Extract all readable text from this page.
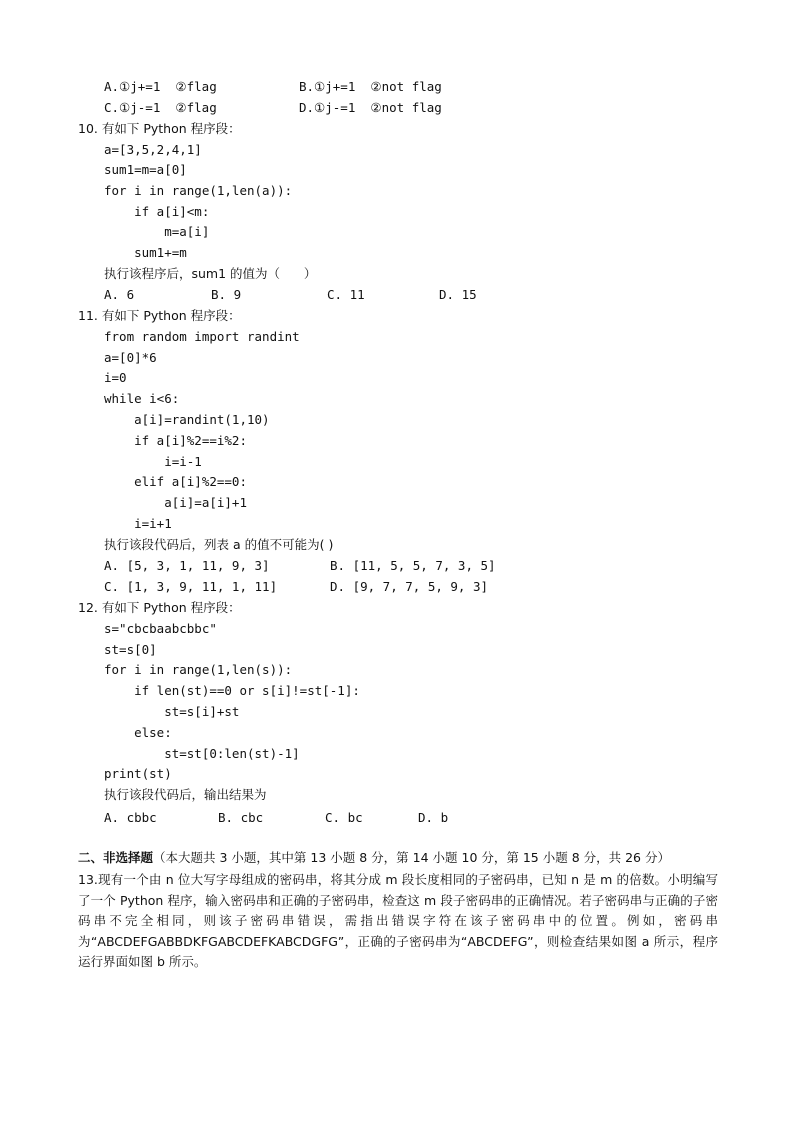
A.①j+=1  ②flag	B.①j+=1  ②not flag
C.①j-=1  ②flag	D.①j-=1  ②not flag
10. 有如下 Python 程序段：
a=[3,5,2,4,1]
sum1=m=a[0]
for i in range(1,len(a)):
if a[i]<m:
m=a[i]
sum1+=m
执行该程序后，sum1 的值为（      ）
A. 6	B. 9	C. 11	D. 15
11. 有如下 Python 程序段：
from random import randint
a=[0]*6
i=0
while i<6:
a[i]=randint(1,10)
if a[i]%2==i%2:
i=i-1
elif a[i]%2==0:
a[i]=a[i]+1
i=i+1
执行该段代码后，列表 a 的值不可能为( )
A. [5, 3, 1, 11, 9, 3]	B. [11, 5, 5, 7, 3, 5]
C. [1, 3, 9, 11, 1, 11]	D. [9, 7, 7, 5, 9, 3]
12. 有如下 Python 程序段：
s="cbcbaabcbbc"
st=s[0]
for i in range(1,len(s)):
if len(st)==0 or s[i]!=st[-1]:
st=s[i]+st
else:
st=st[0:len(st)-1]
print(st)
执行该段代码后，输出结果为
A. cbbc	B. cbc	C. bc	D. b
二、非选择题（本大题共 3 小题，其中第 13 小题 8 分，第 14 小题 10 分，第 15 小题 8 分，共 26 分）
13.现有一个由 n 位大写字母组成的密码串，将其分成 m 段长度相同的子密码串，已知 n 是 m 的倍数。小明编写了一个 Python 程序，输入密码串和正确的子密码串，检查这 m 段子密码串的正确情况。若子密码串与正确的子密码串不完全相同，则该子密码串错误，需指出错误字符在该子密码串中的位置。例如，密码串为“ABCDEFGABBDKFGABCDEFKABCDGFG”，正确的子密码串为“ABCDEFG”，则检查结果如图 a 所示，程序运行界面如图 b 所示。
